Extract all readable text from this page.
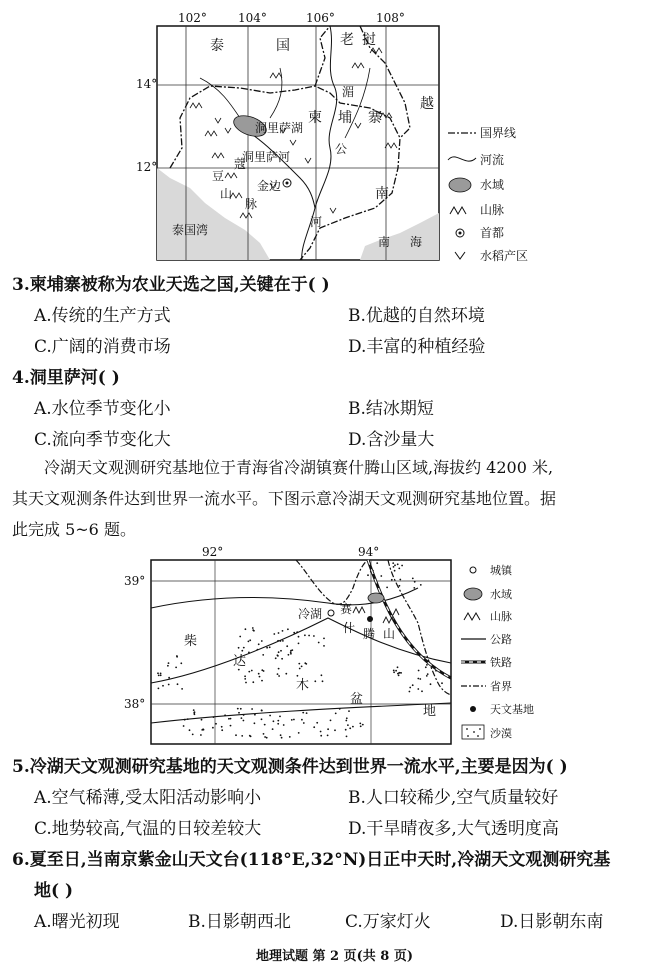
102°	104°	106°	108°
14°
12°
泰	国	老 挝
越
南
柬 埔 寨
洞里萨湖
洞里萨河
湄
公
河
豆
蔻
山
脉
金边
泰国湾
南 海
国界线
河流
水域
山脉
首都
水稻产区
3.柬埔寨被称为农业天选之国,关键在于( )
A.传统的生产方式	B.优越的自然环境
C.广阔的消费市场	D.丰富的种植经验
4.洞里萨河( )
A.水位季节变化小	B.结冰期短
C.流向季节变化大	D.含沙量大
冷湖天文观测研究基地位于青海省冷湖镇赛什腾山区域,海拔约 4200 米,
其天文观测条件达到世界一流水平。下图示意冷湖天文观测研究基地位置。据
此完成 5~6 题。
92°	94°
39°
38°
冷湖 赛
什 腾 山
柴
达
木
盆
地
城镇
水域
山脉
公路
铁路
省界
天文基地
沙漠
5.冷湖天文观测研究基地的天文观测条件达到世界一流水平,主要是因为( )
A.空气稀薄,受太阳活动影响小	B.人口较稀少,空气质量较好
C.地势较高,气温的日较差较大	D.干旱晴夜多,大气透明度高
6.夏至日,当南京紫金山天文台(118°E,32°N)日正中天时,冷湖天文观测研究基
地( )
A.曙光初现	B.日影朝西北	C.万家灯火	D.日影朝东南
地理试题 第 2 页(共 8 页)
